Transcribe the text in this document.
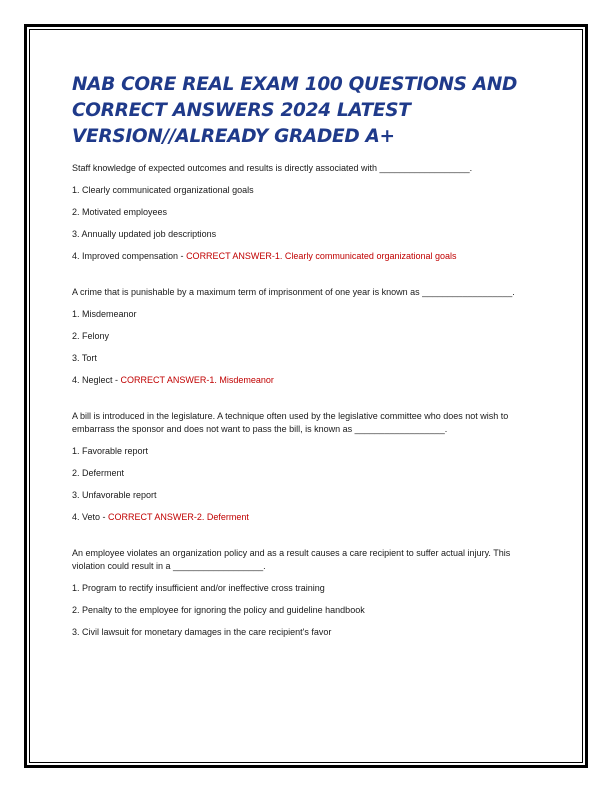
NAB CORE REAL EXAM 100 QUESTIONS AND CORRECT ANSWERS 2024 LATEST VERSION//ALREADY GRADED A+

Staff knowledge of expected outcomes and results is directly associated with __________________.

1. Clearly communicated organizational goals

2. Motivated employees

3. Annually updated job descriptions

4. Improved compensation - CORRECT ANSWER-1. Clearly communicated organizational goals

A crime that is punishable by a maximum term of imprisonment of one year is known as __________________.

1. Misdemeanor

2. Felony

3. Tort

4. Neglect - CORRECT ANSWER-1. Misdemeanor

A bill is introduced in the legislature. A technique often used by the legislative committee who does not wish to embarrass the sponsor and does not want to pass the bill, is known as __________________.

1. Favorable report

2. Deferment

3. Unfavorable report

4. Veto - CORRECT ANSWER-2. Deferment

An employee violates an organization policy and as a result causes a care recipient to suffer actual injury. This violation could result in a __________________.

1. Program to rectify insufficient and/or ineffective cross training

2. Penalty to the employee for ignoring the policy and guideline handbook

3. Civil lawsuit for monetary damages in the care recipient's favor
